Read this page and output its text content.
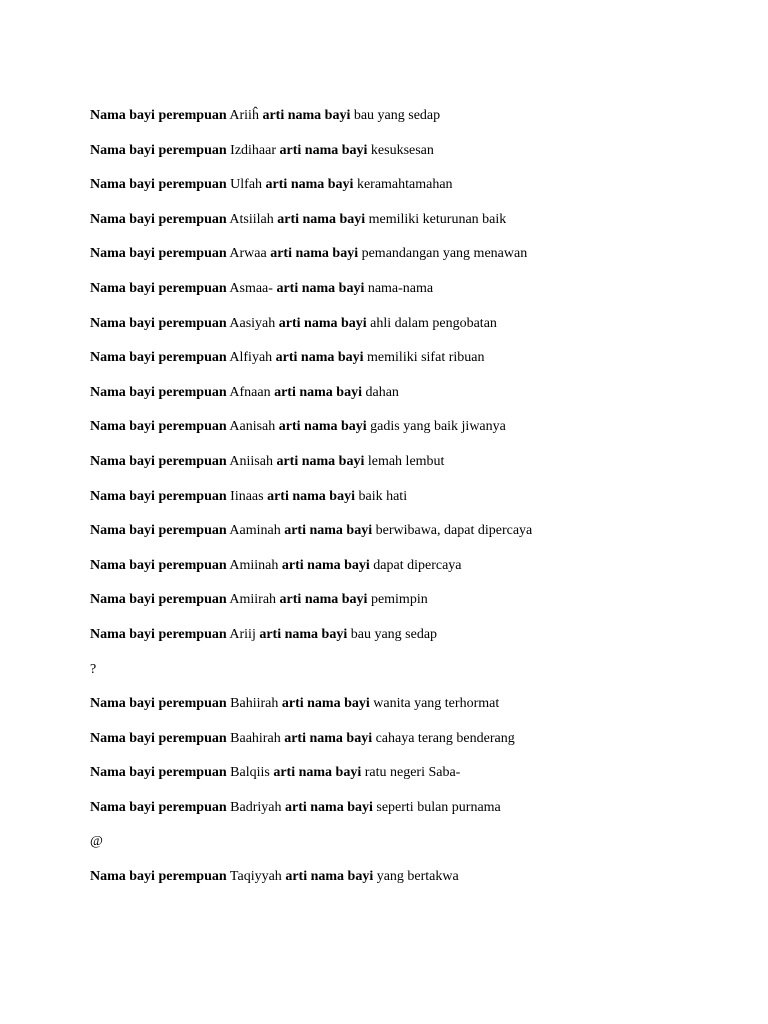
Nama bayi perempuan Ariiĥ arti nama bayi bau yang sedap
Nama bayi perempuan Izdihaar arti nama bayi kesuksesan
Nama bayi perempuan Ulfah arti nama bayi keramahtamahan
Nama bayi perempuan Atsiilah arti nama bayi memiliki keturunan baik
Nama bayi perempuan Arwaa arti nama bayi pemandangan yang menawan
Nama bayi perempuan Asmaa- arti nama bayi nama-nama
Nama bayi perempuan Aasiyah arti nama bayi ahli dalam pengobatan
Nama bayi perempuan Alfiyah arti nama bayi memiliki sifat ribuan
Nama bayi perempuan Afnaan arti nama bayi dahan
Nama bayi perempuan Aanisah arti nama bayi gadis yang baik jiwanya
Nama bayi perempuan Aniisah arti nama bayi lemah lembut
Nama bayi perempuan Iinaas arti nama bayi baik hati
Nama bayi perempuan Aaminah arti nama bayi berwibawa, dapat dipercaya
Nama bayi perempuan Amiinah arti nama bayi dapat dipercaya
Nama bayi perempuan Amiirah arti nama bayi pemimpin
Nama bayi perempuan Ariij arti nama bayi bau yang sedap
?
Nama bayi perempuan Bahiirah arti nama bayi wanita yang terhormat
Nama bayi perempuan Baahirah arti nama bayi cahaya terang benderang
Nama bayi perempuan Balqiis arti nama bayi ratu negeri Saba-
Nama bayi perempuan Badriyah arti nama bayi seperti bulan purnama
@
Nama bayi perempuan Taqiyyah arti nama bayi yang bertakwa
